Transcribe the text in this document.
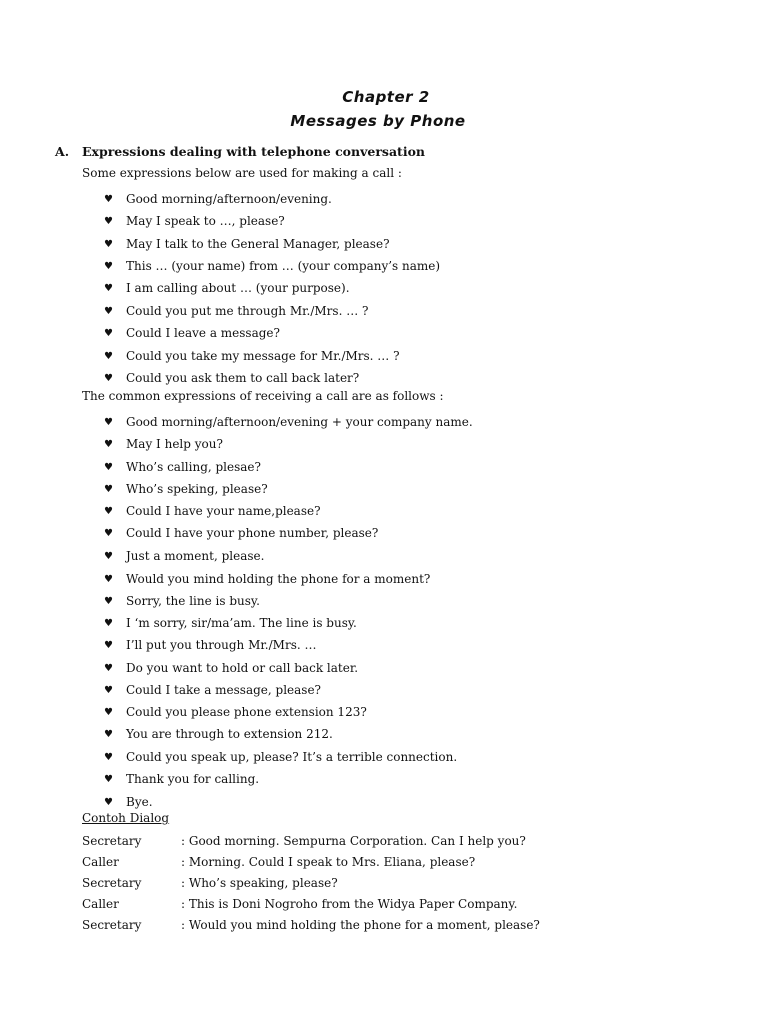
Chapter 2
Messages by Phone
A. Expressions dealing with telephone conversation
Some expressions below are used for making a call :
♥ Good morning/afternoon/evening.
♥ May I speak to …, please?
♥ May I talk to the General Manager, please?
♥ This … (your name) from … (your company’s name)
♥ I am calling about … (your purpose).
♥ Could you put me through Mr./Mrs. … ?
♥ Could I leave a message?
♥ Could you take my message for Mr./Mrs. … ?
♥ Could you ask them to call back later?
The common expressions of receiving a call are as follows :
♥ Good morning/afternoon/evening + your company name.
♥ May I help you?
♥ Who’s calling, plesae?
♥ Who’s speking, please?
♥ Could I have your name,please?
♥ Could I have your phone number, please?
♥ Just a moment, please.
♥ Would you mind holding the phone for a moment?
♥ Sorry, the line is busy.
♥ I ‘m sorry, sir/ma’am. The line is busy.
♥ I’ll put you through Mr./Mrs. …
♥ Do you want to hold or call back later.
♥ Could I take a message, please?
♥ Could you please phone extension 123?
♥ You are through to extension 212.
♥ Could you speak up, please? It’s a terrible connection.
♥ Thank you for calling.
♥ Bye.
Contoh Dialog
Secretary	: Good morning. Sempurna Corporation. Can I help you?
Caller	: Morning. Could I speak to Mrs. Eliana, please?
Secretary	: Who’s speaking, please?
Caller	: This is Doni Nogroho from the Widya Paper Company.
Secretary	: Would you mind holding the phone for a moment, please?
